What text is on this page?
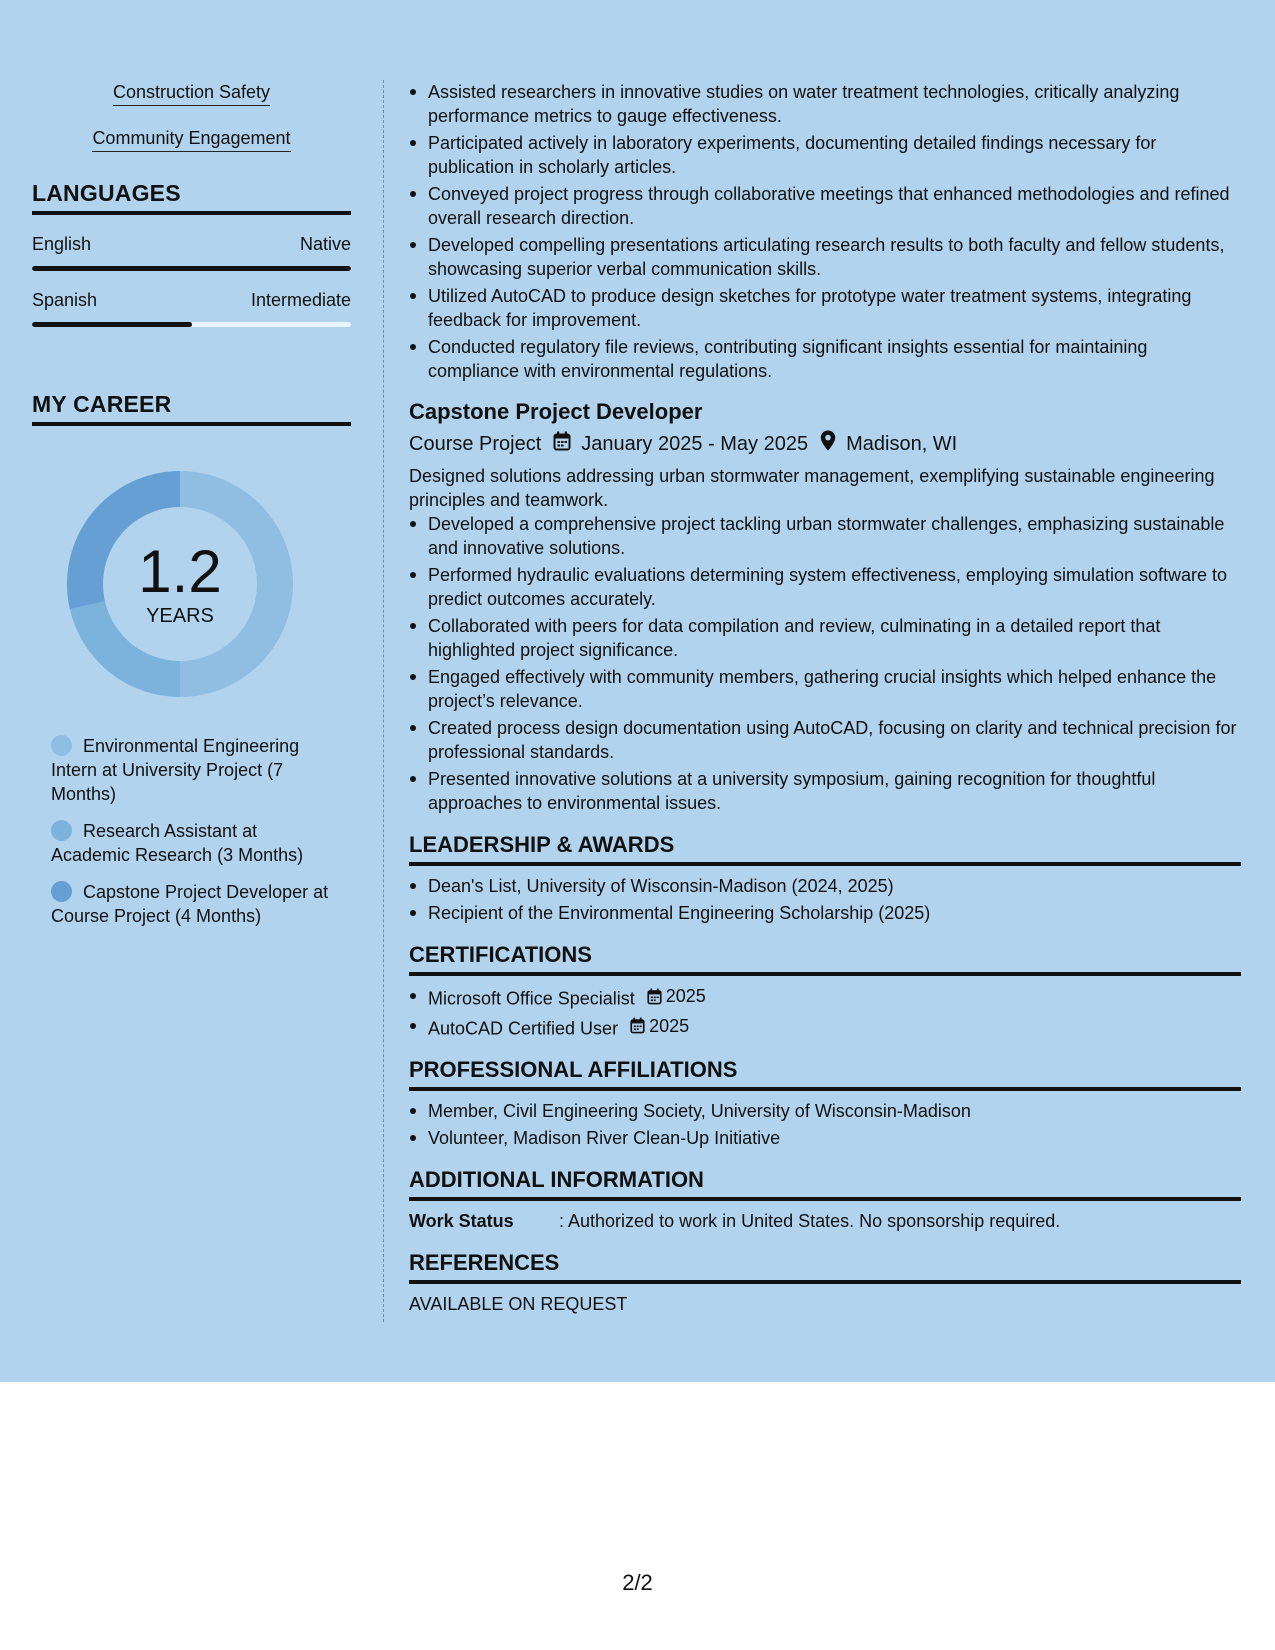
Construction Safety
Community Engagement
LANGUAGES
English	Native
Spanish	Intermediate
MY CAREER
1.2
YEARS
Environmental Engineering Intern at University Project (7 Months)
Research Assistant at Academic Research (3 Months)
Capstone Project Developer at Course Project (4 Months)
Assisted researchers in innovative studies on water treatment technologies, critically analyzing performance metrics to gauge effectiveness.
Participated actively in laboratory experiments, documenting detailed findings necessary for publication in scholarly articles.
Conveyed project progress through collaborative meetings that enhanced methodologies and refined overall research direction.
Developed compelling presentations articulating research results to both faculty and fellow students, showcasing superior verbal communication skills.
Utilized AutoCAD to produce design sketches for prototype water treatment systems, integrating feedback for improvement.
Conducted regulatory file reviews, contributing significant insights essential for maintaining compliance with environmental regulations.
Capstone Project Developer
Course Project January 2025 - May 2025 Madison, WI
Designed solutions addressing urban stormwater management, exemplifying sustainable engineering principles and teamwork.
Developed a comprehensive project tackling urban stormwater challenges, emphasizing sustainable and innovative solutions.
Performed hydraulic evaluations determining system effectiveness, employing simulation software to predict outcomes accurately.
Collaborated with peers for data compilation and review, culminating in a detailed report that highlighted project significance.
Engaged effectively with community members, gathering crucial insights which helped enhance the project’s relevance.
Created process design documentation using AutoCAD, focusing on clarity and technical precision for professional standards.
Presented innovative solutions at a university symposium, gaining recognition for thoughtful approaches to environmental issues.
LEADERSHIP & AWARDS
Dean's List, University of Wisconsin-Madison (2024, 2025)
Recipient of the Environmental Engineering Scholarship (2025)
CERTIFICATIONS
Microsoft Office Specialist 2025
AutoCAD Certified User 2025
PROFESSIONAL AFFILIATIONS
Member, Civil Engineering Society, University of Wisconsin-Madison
Volunteer, Madison River Clean-Up Initiative
ADDITIONAL INFORMATION
Work Status	: Authorized to work in United States. No sponsorship required.
REFERENCES
AVAILABLE ON REQUEST
2/2
